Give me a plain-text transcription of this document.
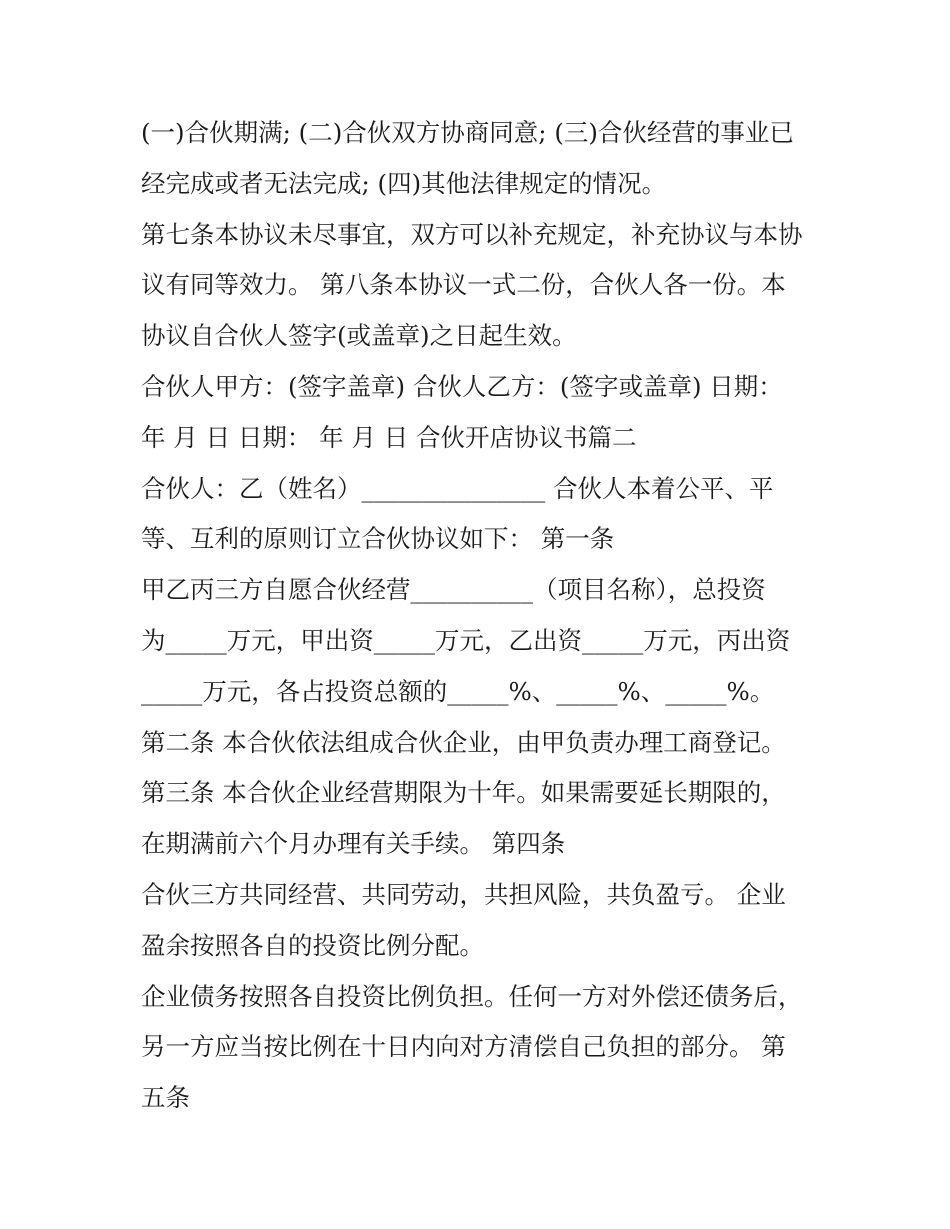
(一)合伙期满; (二)合伙双方协商同意; (三)合伙经营的事业已

经完成或者无法完成; (四)其他法律规定的情况。

第七条本协议未尽事宜，双方可以补充规定，补充协议与本协

议有同等效力。 第八条本协议一式二份，合伙人各一份。本

协议自合伙人签字(或盖章)之日起生效。

合伙人甲方：(签字盖章) 合伙人乙方：(签字或盖章) 日期：

年 月 日 日期： 年 月 日 合伙开店协议书篇二

合伙人：乙（姓名）_______________ 合伙人本着公平、平

等、互利的原则订立合伙协议如下： 第一条

甲乙丙三方自愿合伙经营__________（项目名称），总投资

为_____万元，甲出资_____万元，乙出资_____万元，丙出资

_____万元，各占投资总额的_____%、_____%、_____%。

第二条 本合伙依法组成合伙企业，由甲负责办理工商登记。

第三条 本合伙企业经营期限为十年。如果需要延长期限的，

在期满前六个月办理有关手续。 第四条

合伙三方共同经营、共同劳动，共担风险，共负盈亏。 企业

盈余按照各自的投资比例分配。

企业债务按照各自投资比例负担。任何一方对外偿还债务后，

另一方应当按比例在十日内向对方清偿自己负担的部分。 第

五条
